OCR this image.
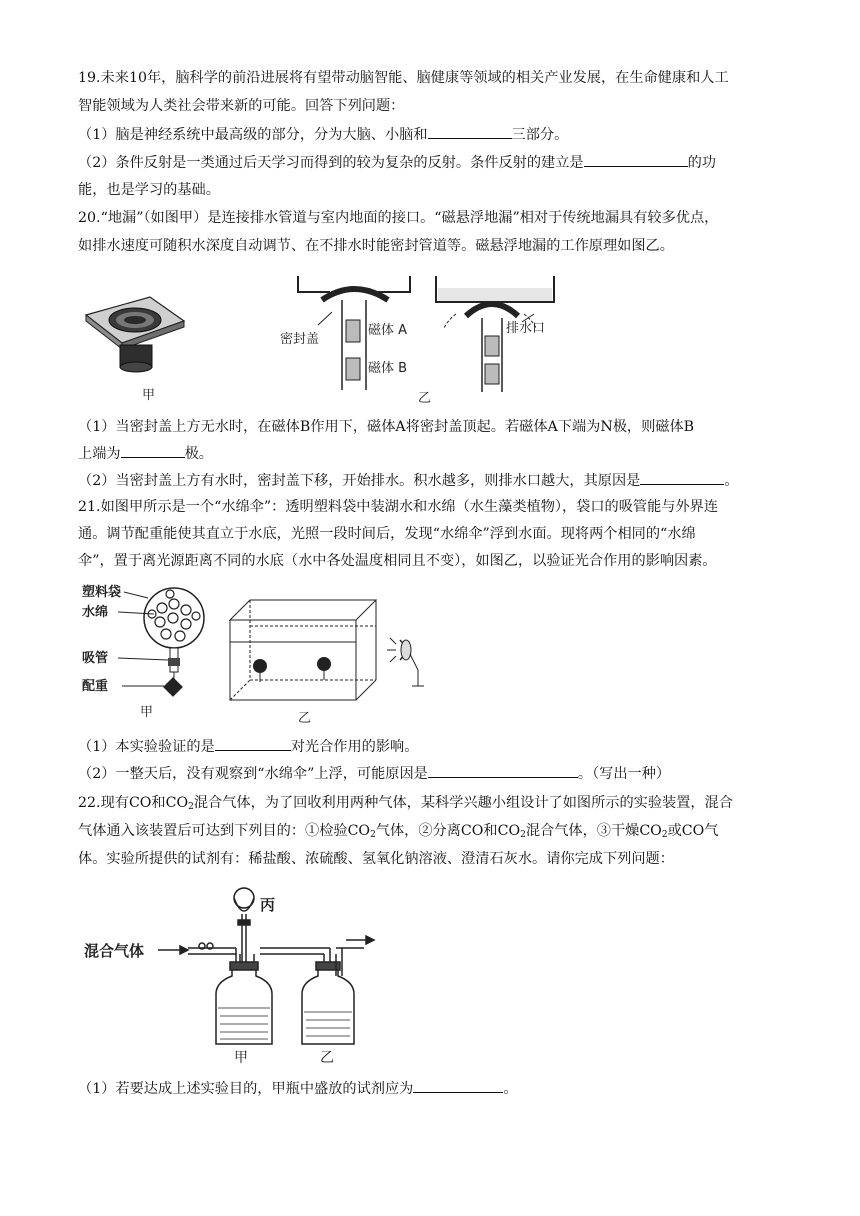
19.未来10年，脑科学的前沿进展将有望带动脑智能、脑健康等领域的相关产业发展，在生命健康和人工
智能领域为人类社会带来新的可能。回答下列问题：
（1）脑是神经系统中最高级的部分，分为大脑、小脑和	三部分。
（2）条件反射是一类通过后天学习而得到的较为复杂的反射。条件反射的建立是	的功
能，也是学习的基础。
20.“地漏”（如图甲）是连接排水管道与室内地面的接口。“磁悬浮地漏”相对于传统地漏具有较多优点，
如排水速度可随积水深度自动调节、在不排水时能密封管道等。磁悬浮地漏的工作原理如图乙。
甲
密封盖
磁体 A
磁体 B
排水口
乙
（1）当密封盖上方无水时，在磁体B作用下，磁体A将密封盖顶起。若磁体A下端为N极，则磁体B
上端为	极。
（2）当密封盖上方有水时，密封盖下移，开始排水。积水越多，则排水口越大，其原因是	。
21.如图甲所示是一个“水绵伞”：透明塑料袋中装湖水和水绵（水生藻类植物），袋口的吸管能与外界连
通。调节配重能使其直立于水底，光照一段时间后，发现“水绵伞”浮到水面。现将两个相同的“水绵
伞”，置于离光源距离不同的水底（水中各处温度相同且不变），如图乙，以验证光合作用的影响因素。
塑料袋
水绵
吸管
配重
甲	乙
（1）本实验验证的是	对光合作用的影响。
（2）一整天后，没有观察到“水绵伞”上浮，可能原因是	。（写出一种）
22.现有CO和$CO_2$混合气体，为了回收利用两种气体，某科学兴趣小组设计了如图所示的实验装置，混合
气体通入该装置后可达到下列目的：①检验$CO_2$气体，②分离CO和$CO_2$混合气体，③干燥$CO_2$或CO气
体。实验所提供的试剂有：稀盐酸、浓硫酸、氢氧化钠溶液、澄清石灰水。请你完成下列问题：
混合气体
丙
甲	乙
（1）若要达成上述实验目的，甲瓶中盛放的试剂应为	。
